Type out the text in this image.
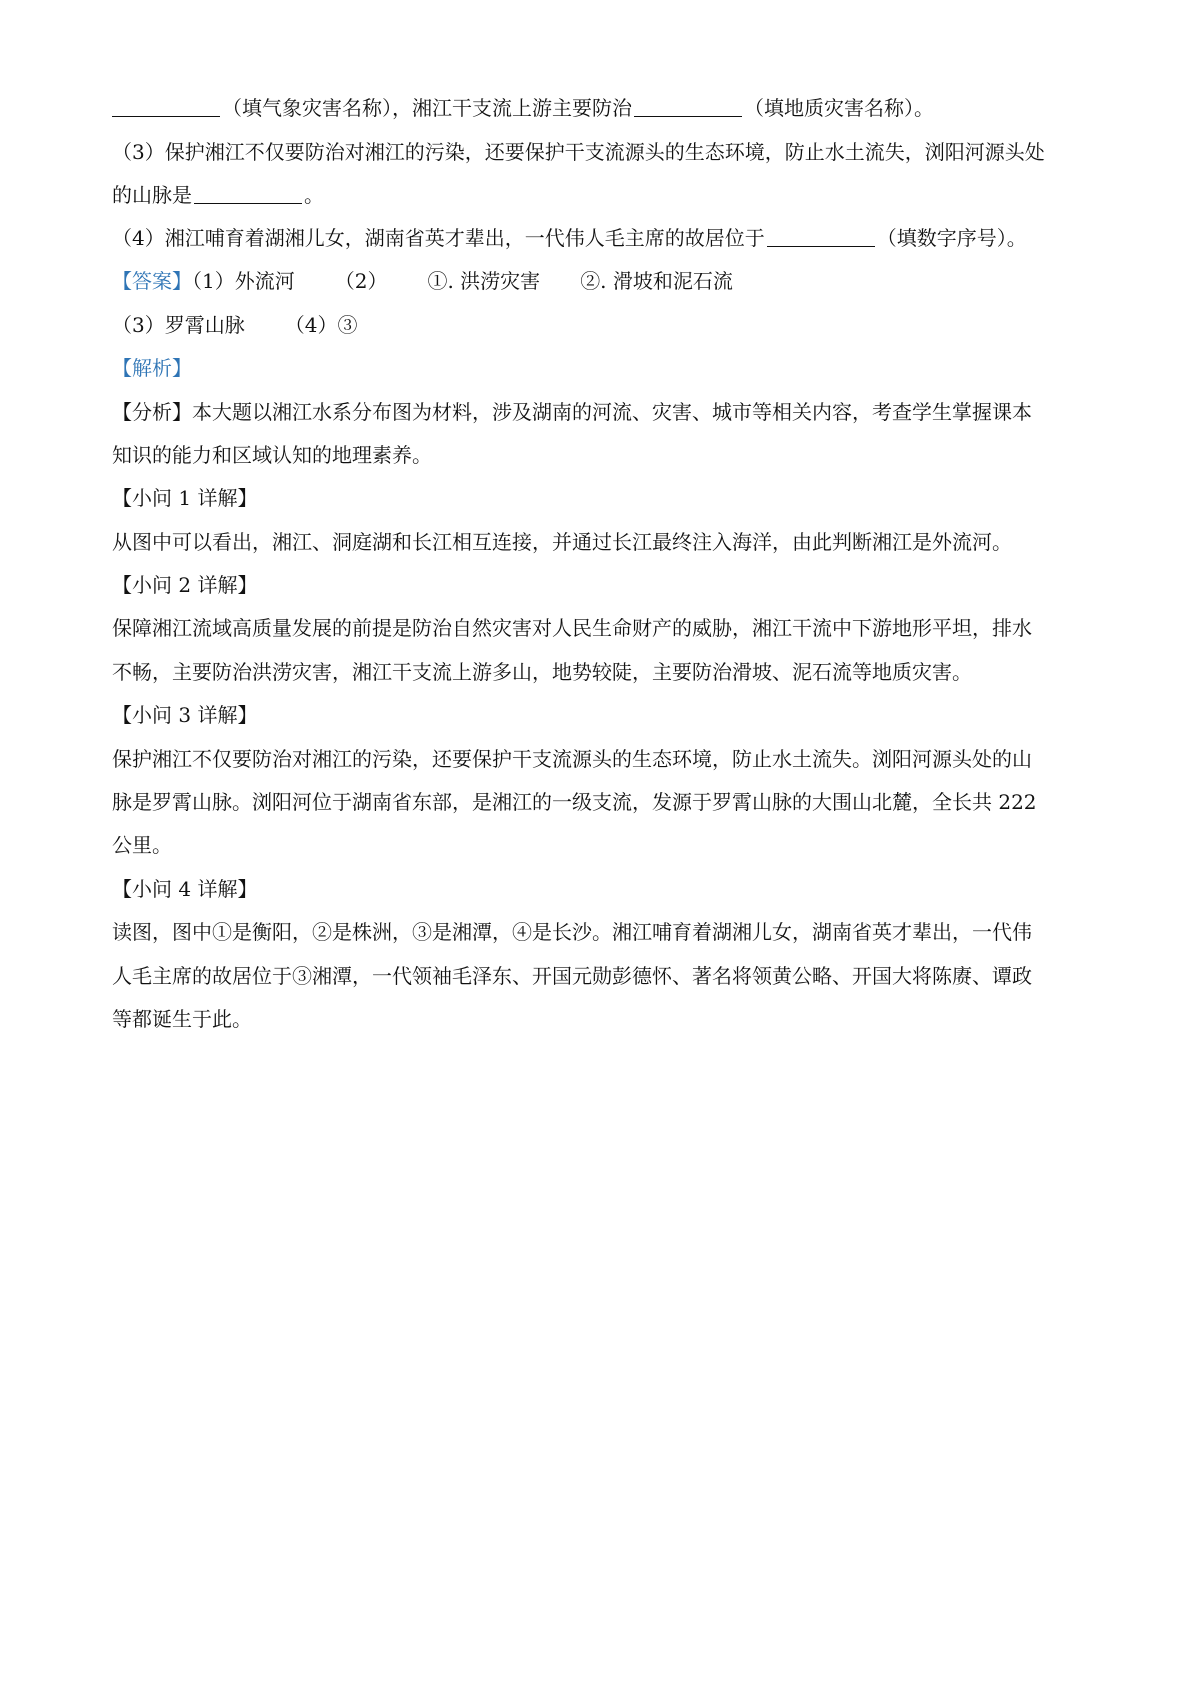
（填气象灾害名称），湘江干支流上游主要防治	（填地质灾害名称）。
（3）保护湘江不仅要防治对湘江的污染，还要保护干支流源头的生态环境，防止水土流失，浏阳河源头处
的山脉是	。
（4）湘江哺育着湖湘儿女，湖南省英才辈出，一代伟人毛主席的故居位于	（填数字序号）。
【答案】（1）外流河 （2） ①. 洪涝灾害 ②. 滑坡和泥石流
（3）罗霄山脉 （4）③
【解析】
【分析】本大题以湘江水系分布图为材料，涉及湖南的河流、灾害、城市等相关内容，考查学生掌握课本
知识的能力和区域认知的地理素养。
【小问 1 详解】
从图中可以看出，湘江、洞庭湖和长江相互连接，并通过长江最终注入海洋，由此判断湘江是外流河。
【小问 2 详解】
保障湘江流域高质量发展的前提是防治自然灾害对人民生命财产的威胁，湘江干流中下游地形平坦，排水
不畅，主要防治洪涝灾害，湘江干支流上游多山，地势较陡，主要防治滑坡、泥石流等地质灾害。
【小问 3 详解】
保护湘江不仅要防治对湘江的污染，还要保护干支流源头的生态环境，防止水土流失。浏阳河源头处的山
脉是罗霄山脉。浏阳河位于湖南省东部，是湘江的一级支流，发源于罗霄山脉的大围山北麓，全长共 222
公里。
【小问 4 详解】
读图，图中①是衡阳，②是株洲，③是湘潭，④是长沙。湘江哺育着湖湘儿女，湖南省英才辈出，一代伟
人毛主席的故居位于③湘潭，一代领袖毛泽东、开国元勋彭德怀、著名将领黄公略、开国大将陈赓、谭政
等都诞生于此。
